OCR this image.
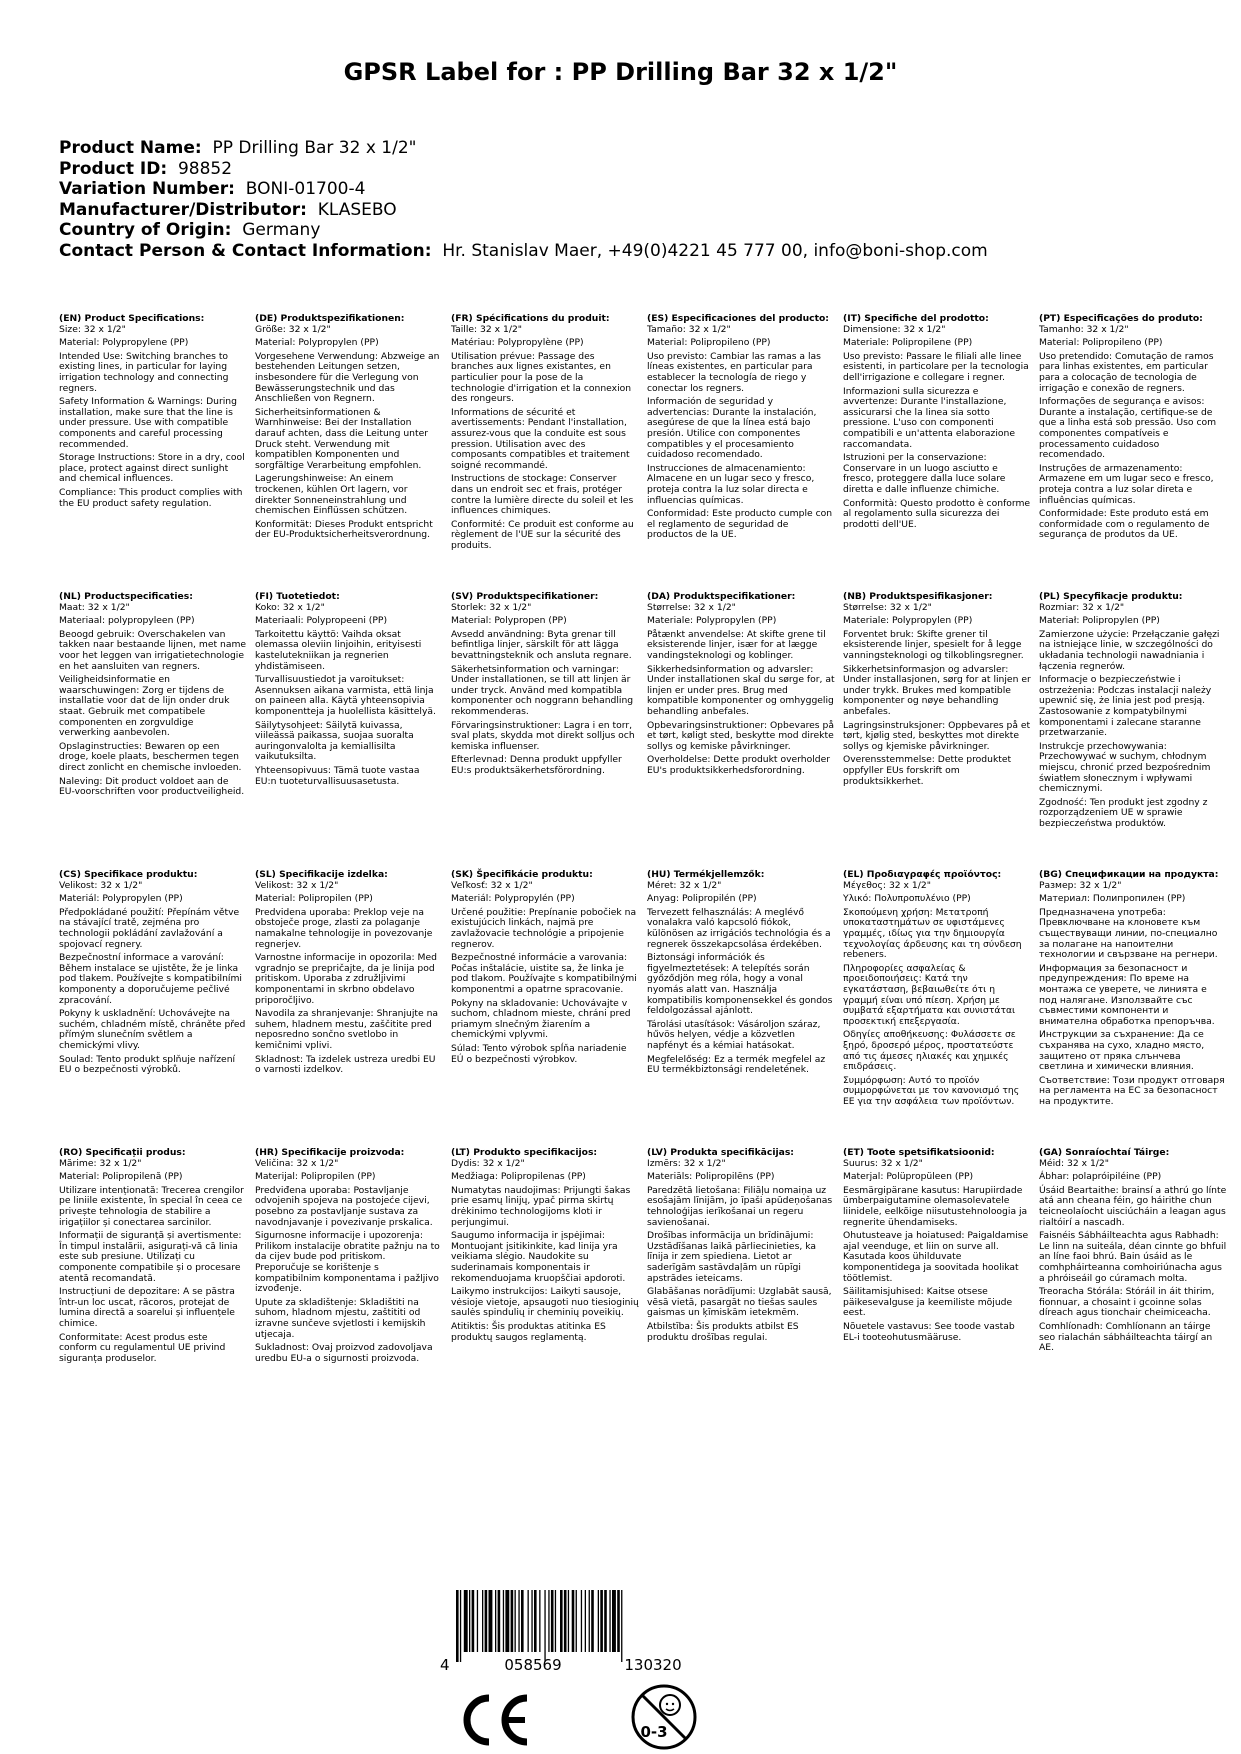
GPSR Label for : PP Drilling Bar 32 x 1/2"
Product Name: PP Drilling Bar 32 x 1/2"
Product ID: 98852
Variation Number: BONI-01700-4
Manufacturer/Distributor: KLASEBO
Country of Origin: Germany
Contact Person & Contact Information: Hr. Stanislav Maer, +49(0)4221 45 777 00, info@boni-shop.com
(EN) Product Specifications:
Size: 32 x 1/2"
Material: Polypropylene (PP)
Intended Use: Switching branches to existing lines, in particular for laying irrigation technology and connecting regners.
Safety Information & Warnings: During installation, make sure that the line is under pressure. Use with compatible components and careful processing recommended.
Storage Instructions: Store in a dry, cool place, protect against direct sunlight and chemical influences.
Compliance: This product complies with the EU product safety regulation.
(DE) Produktspezifikationen:
Größe: 32 x 1/2"
Material: Polypropylen (PP)
Vorgesehene Verwendung: Abzweige an bestehenden Leitungen setzen, insbesondere für die Verlegung von Bewässerungstechnik und das Anschließen von Regnern.
Sicherheitsinformationen & Warnhinweise: Bei der Installation darauf achten, dass die Leitung unter Druck steht. Verwendung mit kompatiblen Komponenten und sorgfältige Verarbeitung empfohlen.
Lagerungshinweise: An einem trockenen, kühlen Ort lagern, vor direkter Sonneneinstrahlung und chemischen Einflüssen schützen.
Konformität: Dieses Produkt entspricht der EU-Produktsicherheitsverordnung.
(FR) Spécifications du produit:
Taille: 32 x 1/2"
Matériau: Polypropylène (PP)
Utilisation prévue: Passage des branches aux lignes existantes, en particulier pour la pose de la technologie d'irrigation et la connexion des rongeurs.
Informations de sécurité et avertissements: Pendant l'installation, assurez-vous que la conduite est sous pression. Utilisation avec des composants compatibles et traitement soigné recommandé.
Instructions de stockage: Conserver dans un endroit sec et frais, protéger contre la lumière directe du soleil et les influences chimiques.
Conformité: Ce produit est conforme au règlement de l'UE sur la sécurité des produits.
(ES) Especificaciones del producto:
Tamaño: 32 x 1/2"
Material: Polipropileno (PP)
Uso previsto: Cambiar las ramas a las líneas existentes, en particular para establecer la tecnología de riego y conectar los regners.
Información de seguridad y advertencias: Durante la instalación, asegúrese de que la línea está bajo presión. Utilice con componentes compatibles y el procesamiento cuidadoso recomendado.
Instrucciones de almacenamiento: Almacene en un lugar seco y fresco, proteja contra la luz solar directa e influencias químicas.
Conformidad: Este producto cumple con el reglamento de seguridad de productos de la UE.
(IT) Specifiche del prodotto:
Dimensione: 32 x 1/2"
Materiale: Polipropilene (PP)
Uso previsto: Passare le filiali alle linee esistenti, in particolare per la tecnologia dell'irrigazione e collegare i regner.
Informazioni sulla sicurezza e avvertenze: Durante l'installazione, assicurarsi che la linea sia sotto pressione. L'uso con componenti compatibili e un'attenta elaborazione raccomandata.
Istruzioni per la conservazione: Conservare in un luogo asciutto e fresco, proteggere dalla luce solare diretta e dalle influenze chimiche.
Conformità: Questo prodotto è conforme al regolamento sulla sicurezza dei prodotti dell'UE.
(PT) Especificações do produto:
Tamanho: 32 x 1/2"
Material: Polipropileno (PP)
Uso pretendido: Comutação de ramos para linhas existentes, em particular para a colocação de tecnologia de irrigação e conexão de regners.
Informações de segurança e avisos: Durante a instalação, certifique-se de que a linha está sob pressão. Uso com componentes compatíveis e processamento cuidadoso recomendado.
Instruções de armazenamento: Armazene em um lugar seco e fresco, proteja contra a luz solar direta e influências químicas.
Conformidade: Este produto está em conformidade com o regulamento de segurança de produtos da UE.
(NL) Productspecificaties:
Maat: 32 x 1/2"
Materiaal: polypropyleen (PP)
Beoogd gebruik: Overschakelen van takken naar bestaande lijnen, met name voor het leggen van irrigatietechnologie en het aansluiten van regners.
Veiligheidsinformatie en waarschuwingen: Zorg er tijdens de installatie voor dat de lijn onder druk staat. Gebruik met compatibele componenten en zorgvuldige verwerking aanbevolen.
Opslaginstructies: Bewaren op een droge, koele plaats, beschermen tegen direct zonlicht en chemische invloeden.
Naleving: Dit product voldoet aan de EU-voorschriften voor productveiligheid.
(FI) Tuotetiedot:
Koko: 32 x 1/2"
Materiaali: Polypropeeni (PP)
Tarkoitettu käyttö: Vaihda oksat olemassa oleviin linjoihin, erityisesti kastelutekniikan ja regnerien yhdistämiseen.
Turvallisuustiedot ja varoitukset: Asennuksen aikana varmista, että linja on paineen alla. Käytä yhteensopivia komponentteja ja huolellista käsittelyä.
Säilytysohjeet: Säilytä kuivassa, viileässä paikassa, suojaa suoralta auringonvalolta ja kemiallisilta vaikutuksilta.
Yhteensopivuus: Tämä tuote vastaa EU:n tuoteturvallisuusasetusta.
(SV) Produktspecifikationer:
Storlek: 32 x 1/2"
Material: Polypropen (PP)
Avsedd användning: Byta grenar till befintliga linjer, särskilt för att lägga bevattningsteknik och ansluta regnare.
Säkerhetsinformation och varningar: Under installationen, se till att linjen är under tryck. Använd med kompatibla komponenter och noggrann behandling rekommenderas.
Förvaringsinstruktioner: Lagra i en torr, sval plats, skydda mot direkt solljus och kemiska influenser.
Efterlevnad: Denna produkt uppfyller EU:s produktsäkerhetsförordning.
(DA) Produktspecifikationer:
Størrelse: 32 x 1/2"
Materiale: Polypropylen (PP)
Påtænkt anvendelse: At skifte grene til eksisterende linjer, især for at lægge vandingsteknologi og koblinger.
Sikkerhedsinformation og advarsler: Under installationen skal du sørge for, at linjen er under pres. Brug med kompatible komponenter og omhyggelig behandling anbefales.
Opbevaringsinstruktioner: Opbevares på et tørt, køligt sted, beskytte mod direkte sollys og kemiske påvirkninger.
Overholdelse: Dette produkt overholder EU's produktsikkerhedsforordning.
(NB) Produktspesifikasjoner:
Størrelse: 32 x 1/2"
Materiale: Polypropylen (PP)
Forventet bruk: Skifte grener til eksisterende linjer, spesielt for å legge vanningsteknologi og tilkoblingsregner.
Sikkerhetsinformasjon og advarsler: Under installasjonen, sørg for at linjen er under trykk. Brukes med kompatible komponenter og nøye behandling anbefales.
Lagringsinstruksjoner: Oppbevares på et tørt, kjølig sted, beskyttes mot direkte sollys og kjemiske påvirkninger.
Overensstemmelse: Dette produktet oppfyller EUs forskrift om produktsikkerhet.
(PL) Specyfikacje produktu:
Rozmiar: 32 x 1/2"
Materiał: Polipropylen (PP)
Zamierzone użycie: Przełączanie gałęzi na istniejące linie, w szczególności do układania technologii nawadniania i łączenia regnerów.
Informacje o bezpieczeństwie i ostrzeżenia: Podczas instalacji należy upewnić się, że linia jest pod presją. Zastosowanie z kompatybilnymi komponentami i zalecane staranne przetwarzanie.
Instrukcje przechowywania: Przechowywać w suchym, chłodnym miejscu, chronić przed bezpośrednim światłem słonecznym i wpływami chemicznymi.
Zgodność: Ten produkt jest zgodny z rozporządzeniem UE w sprawie bezpieczeństwa produktów.
(CS) Specifikace produktu:
Velikost: 32 x 1/2"
Materiál: Polypropylen (PP)
Předpokládané použití: Přepínám větve na stávající tratě, zejména pro technologii pokládání zavlažování a spojovací regnery.
Bezpečnostní informace a varování: Během instalace se ujistěte, že je linka pod tlakem. Používejte s kompatibilními komponenty a doporučujeme pečlivé zpracování.
Pokyny k uskladnění: Uchovávejte na suchém, chladném místě, chráněte před přímým slunečním světlem a chemickými vlivy.
Soulad: Tento produkt splňuje nařízení EU o bezpečnosti výrobků.
(SL) Specifikacije izdelka:
Velikost: 32 x 1/2"
Material: Polipropilen (PP)
Predvidena uporaba: Preklop veje na obstoječe proge, zlasti za polaganje namakalne tehnologije in povezovanje regnerjev.
Varnostne informacije in opozorila: Med vgradnjo se prepričajte, da je linija pod pritiskom. Uporaba z združljivimi komponentami in skrbno obdelavo priporočljivo.
Navodila za shranjevanje: Shranjujte na suhem, hladnem mestu, zaščitite pred neposredno sončno svetlobo in kemičnimi vplivi.
Skladnost: Ta izdelek ustreza uredbi EU o varnosti izdelkov.
(SK) Špecifikácie produktu:
Veľkosť: 32 x 1/2"
Materiál: Polypropylén (PP)
Určené použitie: Prepínanie pobočiek na existujúcich linkách, najmä pre zavlažovacie technológie a pripojenie regnerov.
Bezpečnostné informácie a varovania: Počas inštalácie, uistite sa, že linka je pod tlakom. Používajte s kompatibilnými komponentmi a opatrne spracovanie.
Pokyny na skladovanie: Uchovávajte v suchom, chladnom mieste, chráni pred priamym slnečným žiarením a chemickými vplyvmi.
Súlad: Tento výrobok spĺňa nariadenie EÚ o bezpečnosti výrobkov.
(HU) Termékjellemzők:
Méret: 32 x 1/2"
Anyag: Polipropilén (PP)
Tervezett felhasználás: A meglévő vonalakra való kapcsoló fiókok, különösen az irrigációs technológia és a regnerek összekapcsolása érdekében.
Biztonsági információk és figyelmeztetések: A telepítés során győződjön meg róla, hogy a vonal nyomás alatt van. Használja kompatibilis komponensekkel és gondos feldolgozással ajánlott.
Tárolási utasítások: Vásároljon száraz, hűvös helyen, védje a közvetlen napfényt és a kémiai hatásokat.
Megfelelőség: Ez a termék megfelel az EU termékbiztonsági rendeletének.
(EL) Προδιαγραφές προϊόντος:
Μέγεθος: 32 x 1/2"
Υλικό: Πολυπροπυλένιο (PP)
Σκοπούμενη χρήση: Μετατροπή υποκαταστημάτων σε υφιστάμενες γραμμές, ιδίως για την δημιουργία τεχνολογίας άρδευσης και τη σύνδεση rebeners.
Πληροφορίες ασφαλείας & προειδοποιήσεις: Κατά την εγκατάσταση, βεβαιωθείτε ότι η γραμμή είναι υπό πίεση. Χρήση με συμβατά εξαρτήματα και συνιστάται προσεκτική επεξεργασία.
Οδηγίες αποθήκευσης: Φυλάσσετε σε ξηρό, δροσερό μέρος, προστατεύστε από τις άμεσες ηλιακές και χημικές επιδράσεις.
Συμμόρφωση: Αυτό το προϊόν συμμορφώνεται με τον κανονισμό της ΕΕ για την ασφάλεια των προϊόντων.
(BG) Спецификации на продукта:
Размер: 32 x 1/2"
Материал: Полипропилен (PP)
Предназначена употреба: Превключване на клоновете към съществуващи линии, по-специално за полагане на напоителни технологии и свързване на регнери.
Информация за безопасност и предупреждения: По време на монтажа се уверете, че линията е под налягане. Използвайте със съвместими компоненти и внимателна обработка препоръчва.
Инструкции за съхранение: Да се съхранява на сухо, хладно място, защитено от пряка слънчева светлина и химически влияния.
Съответствие: Този продукт отговаря на регламента на ЕС за безопасност на продуктите.
(RO) Specificații produs:
Mărime: 32 x 1/2"
Material: Polipropilenă (PP)
Utilizare intenționată: Trecerea crengilor pe liniile existente, în special în ceea ce privește tehnologia de stabilire a irigațiilor și conectarea sarcinilor.
Informații de siguranță și avertismente: În timpul instalării, asigurați-vă că linia este sub presiune. Utilizați cu componente compatibile și o procesare atentă recomandată.
Instrucțiuni de depozitare: A se păstra într-un loc uscat, răcoros, protejat de lumina directă a soarelui și influențele chimice.
Conformitate: Acest produs este conform cu regulamentul UE privind siguranța produselor.
(HR) Specifikacije proizvoda:
Veličina: 32 x 1/2"
Materijal: Polipropilen (PP)
Predviđena uporaba: Postavljanje odvojenih spojeva na postojeće cijevi, posebno za postavljanje sustava za navodnjavanje i povezivanje prskalica.
Sigurnosne informacije i upozorenja: Prilikom instalacije obratite pažnju na to da cijev bude pod pritiskom. Preporučuje se korištenje s kompatibilnim komponentama i pažljivo izvođenje.
Upute za skladištenje: Skladištiti na suhom, hladnom mjestu, zaštititi od izravne sunčeve svjetlosti i kemijskih utjecaja.
Sukladnost: Ovaj proizvod zadovoljava uredbu EU-a o sigurnosti proizvoda.
(LT) Produkto specifikacijos:
Dydis: 32 x 1/2"
Medžiaga: Polipropilenas (PP)
Numatytas naudojimas: Prijungti šakas prie esamų linijų, ypač pirma skirtų drėkinimo technologijoms kloti ir perjungimui.
Saugumo informacija ir įspėjimai: Montuojant įsitikinkite, kad linija yra veikiama slėgio. Naudokite su suderinamais komponentais ir rekomenduojama kruopščiai apdoroti.
Laikymo instrukcijos: Laikyti sausoje, vėsioje vietoje, apsaugoti nuo tiesioginių saulės spindulių ir cheminių poveikių.
Atitiktis: Šis produktas atitinka ES produktų saugos reglamentą.
(LV) Produkta specifikācijas:
Izmērs: 32 x 1/2"
Materiāls: Polipropilēns (PP)
Paredzētā lietošana: Filiāļu nomaiņa uz esošajām līnijām, jo īpaši apūdeņošanas tehnoloģijas ierīkošanai un regeru savienošanai.
Drošības informācija un brīdinājumi: Uzstādīšanas laikā pārliecinieties, ka līnija ir zem spiediena. Lietot ar saderīgām sastāvdaļām un rūpīgi apstrādes ieteicams.
Glabāšanas norādījumi: Uzglabāt sausā, vēsā vietā, pasargāt no tiešas saules gaismas un ķīmiskām ietekmēm.
Atbilstība: Šis produkts atbilst ES produktu drošības regulai.
(ET) Toote spetsifikatsioonid:
Suurus: 32 x 1/2"
Materjal: Polüpropüleen (PP)
Eesmärgipärane kasutus: Harupiirdade ümberpaigutamine olemasolevatele liinidele, eelkõige niisutustehnoloogia ja regnerite ühendamiseks.
Ohutusteave ja hoiatused: Paigaldamise ajal veenduge, et liin on surve all. Kasutada koos ühilduvate komponentidega ja soovitada hoolikat töötlemist.
Säilitamisjuhised: Kaitse otsese päikesevalguse ja keemiliste mõjude eest.
Nõuetele vastavus: See toode vastab EL-i tooteohutusmääruse.
(GA) Sonraíochtaí Táirge:
Méid: 32 x 1/2"
Ábhar: polapróipiléine (PP)
Úsáid Beartaithe: brainsí a athrú go línte atá ann cheana féin, go háirithe chun teicneolaíocht uisciúcháin a leagan agus rialtóirí a nascadh.
Faisnéis Sábháilteachta agus Rabhadh: Le linn na suiteála, déan cinnte go bhfuil an líne faoi bhrú. Bain úsáid as le comhpháirteanna comhoiriúnacha agus a phróiseáil go cúramach molta.
Treoracha Stórála: Stóráil in áit thirim, fionnuar, a chosaint i gcoinne solas díreach agus tionchair cheimiceacha.
Comhlíonadh: Comhlíonann an táirge seo rialachán sábháilteachta táirgí an AE.
4	058569	130320
0-3
